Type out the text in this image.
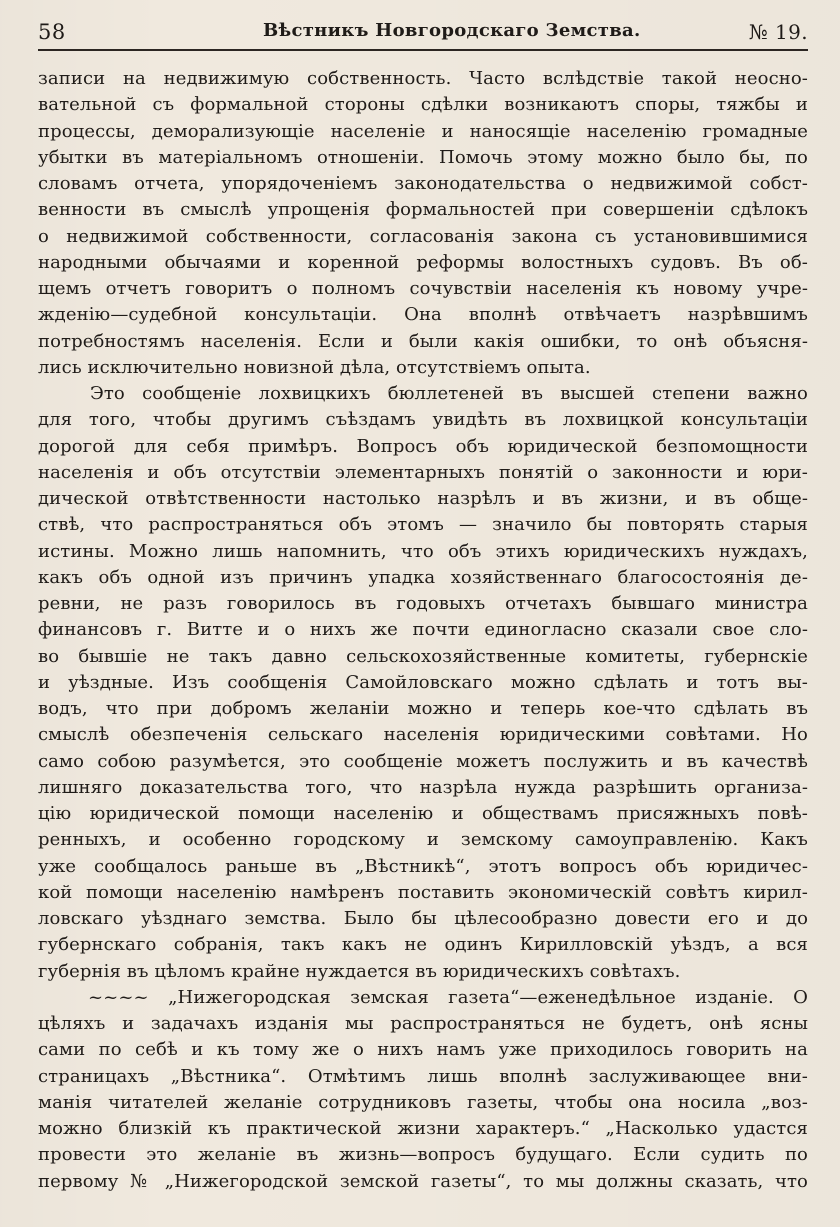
58	Вѣстникъ Новгородскаго Земства.	№ 19.
записи на недвижимую собственность. Часто вслѣдствіе такой неосно-
вательной съ формальной стороны сдѣлки возникаютъ споры, тяжбы и
процессы, деморализующіе населеніе и наносящіе населенію громадные
убытки въ матеріальномъ отношеніи. Помочь этому можно было бы, по
словамъ отчета, упорядоченіемъ законодательства о недвижимой собст-
венности въ смыслѣ упрощенія формальностей при совершеніи сдѣлокъ
о недвижимой собственности, согласованія закона съ установившимися
народными обычаями и коренной реформы волостныхъ судовъ. Въ об-
щемъ отчетъ говоритъ о полномъ сочувствіи населенія къ новому учре-
жденію—судебной консультаціи. Она вполнѣ отвѣчаетъ назрѣвшимъ
потребностямъ населенія. Если и были какія ошибки, то онѣ объясня-
лись исключительно новизной дѣла, отсутствіемъ опыта.
Это сообщеніе лохвицкихъ бюллетеней въ высшей степени важно
для того, чтобы другимъ съѣздамъ увидѣть въ лохвицкой консультаціи
дорогой для себя примѣръ. Вопросъ объ юридической безпомощности
населенія и объ отсутствіи элементарныхъ понятій о законности и юри-
дической отвѣтственности настолько назрѣлъ и въ жизни, и въ обще-
ствѣ, что распространяться объ этомъ — значило бы повторять старыя
истины. Можно лишь напомнить, что объ этихъ юридическихъ нуждахъ,
какъ объ одной изъ причинъ упадка хозяйственнаго благосостоянія де-
ревни, не разъ говорилось въ годовыхъ отчетахъ бывшаго министра
финансовъ г. Витте и о нихъ же почти единогласно сказали свое сло-
во бывшіе не такъ давно сельскохозяйственные комитеты, губернскіе
и уѣздные. Изъ сообщенія Самойловскаго можно сдѣлать и тотъ вы-
водъ, что при добромъ желаніи можно и теперь кое-что сдѣлать въ
смыслѣ обезпеченія сельскаго населенія юридическими совѣтами. Но
само собою разумѣется, это сообщеніе можетъ послужить и въ качествѣ
лишняго доказательства того, что назрѣла нужда разрѣшить организа-
цію юридической помощи населенію и обществамъ присяжныхъ повѣ-
ренныхъ, и особенно городскому и земскому самоуправленію. Какъ
уже сообщалось раньше въ „Вѣстникѣ“, этотъ вопросъ объ юридичес-
кой помощи населенію намѣренъ поставить экономическій совѣтъ кирил-
ловскаго уѣзднаго земства. Было бы цѣлесообразно довести его и до
губернскаго собранія, такъ какъ не одинъ Кирилловскій уѣздъ, а вся
губернія въ цѣломъ крайне нуждается въ юридическихъ совѣтахъ.
~~~~ „Нижегородская земская газета“—еженедѣльное изданіе. О
цѣляхъ и задачахъ изданія мы распространяться не будетъ, онѣ ясны
сами по себѣ и къ тому же о нихъ намъ уже приходилось говорить на
страницахъ „Вѣстника“. Отмѣтимъ лишь вполнѣ заслуживающее вни-
манія читателей желаніе сотрудниковъ газеты, чтобы она носила „воз-
можно близкій къ практической жизни характеръ.“ „Насколько удастся
провести это желаніе въ жизнь—вопросъ будущаго. Если судить по
первому № „Нижегородской земской газеты“, то мы должны сказать, что
